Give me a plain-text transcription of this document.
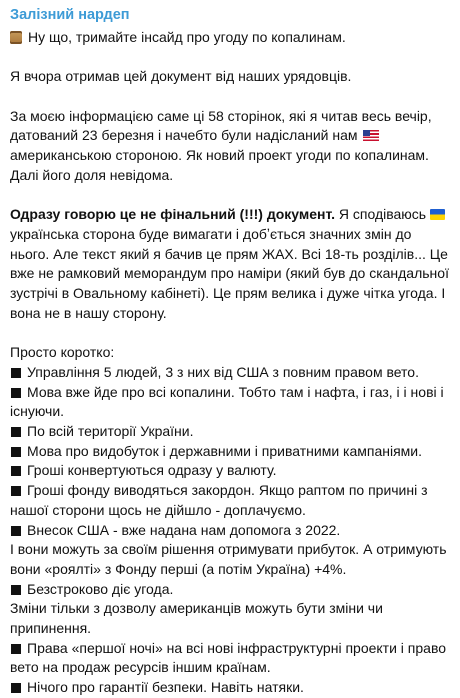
Залізний нардеп
Ну що, тримайте інсайд про угоду по копалинам.
Я вчора отримав цей документ від наших урядовців.
За моєю інформацією саме ці 58 сторінок, які я читав весь вечір, датований 23 березня і начебто були надісланий нам  американською стороною. Як новий проект угоди по копалинам. Далі його доля невідома.
Одразу говорю це не фінальний (!!!) документ. Я сподіваюсь українська сторона буде вимагати і добʼється значних змін до нього. Але текст який я бачив це прям ЖАХ. Всі 18-ть розділів... Це вже не рамковий меморандум про наміри (який був до скандальної зустрічі в Овальному кабінеті). Це прям велика і дуже чітка угода. І вона не в нашу сторону.
Просто коротко:
Управління 5 людей, 3 з них від США з повним правом вето.
Мова вже йде про всі копалини. Тобто там і нафта, і газ, і і нові і існуючи.
По всій території України.
Мова про видобуток і державними і приватними кампаніями.
Гроші конвертуються одразу у валюту.
Гроші фонду виводяться закордон. Якщо раптом по причині з нашої сторони щось не дійшло - доплачуємо.
Внесок США - вже надана нам допомога з 2022.
І вони можуть за своїм рішення отримувати прибуток. А отримують вони «роялті» з Фонду перші (а потім Україна) +4%.
Безстроково діє угода.
Зміни тільки з дозволу американців можуть бути зміни чи припинення.
Права «першої ночі» на всі нові інфраструктурні проекти і право вето на продаж ресурсів іншим країнам.
Нічого про гарантії безпеки. Навіть натяки.
